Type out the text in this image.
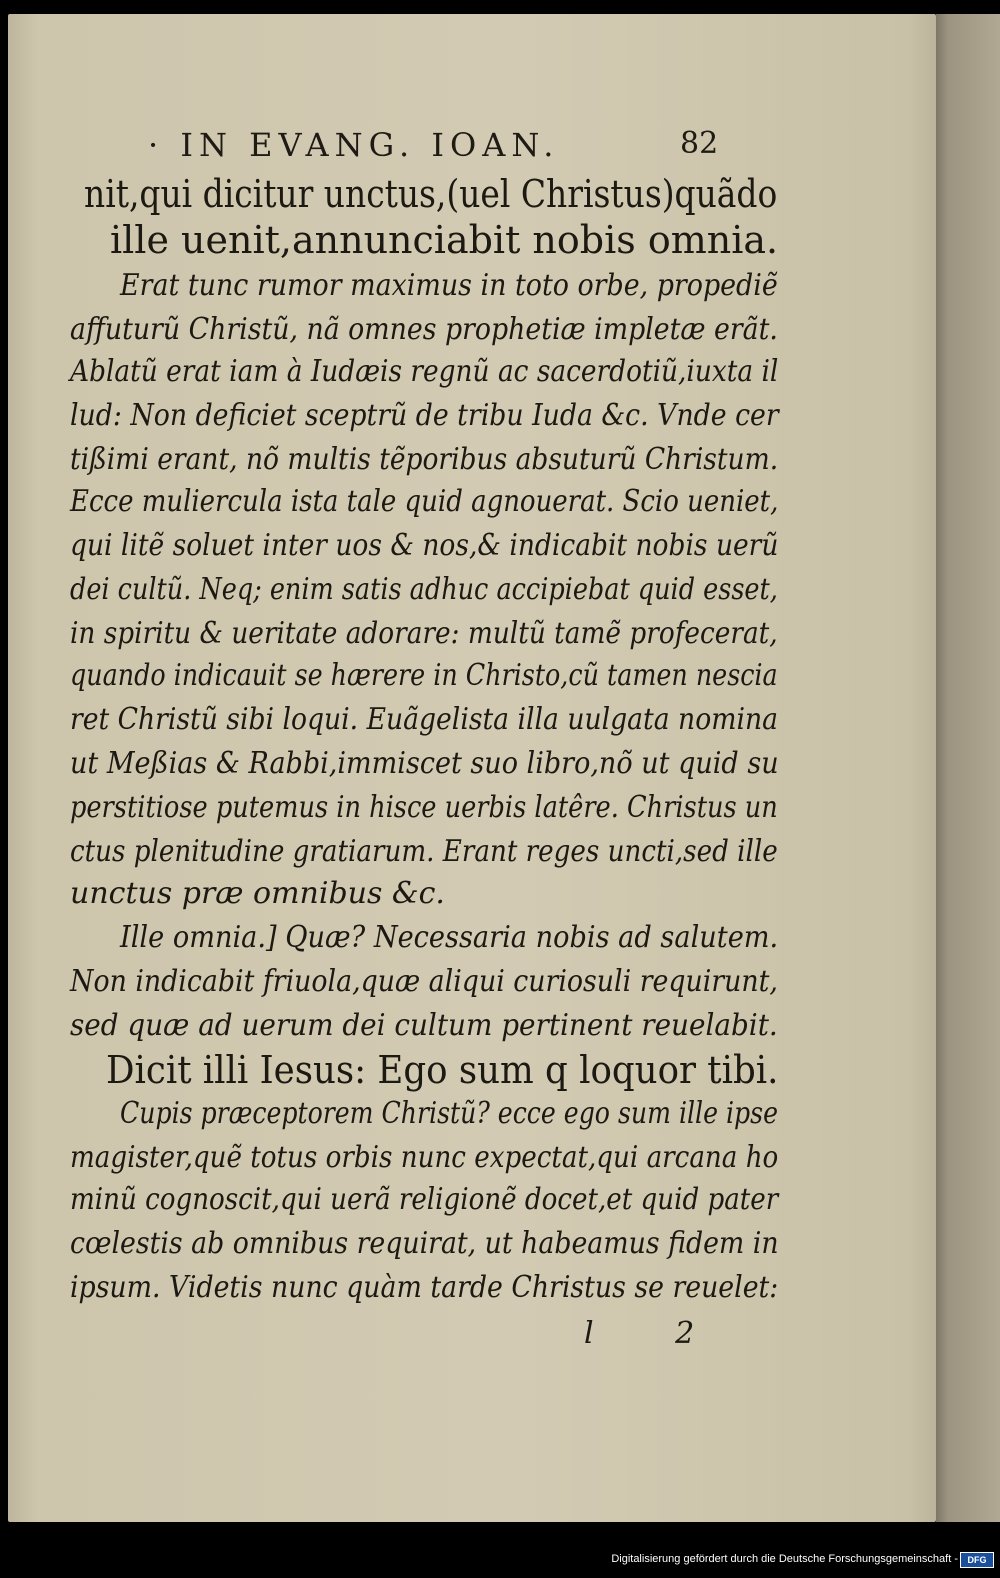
· IN EVANG. IOAN.	82
nit,qui dicitur unctus,(uel Christus)quãdo
ille uenit,annunciabit nobis omnia.
Erat tunc rumor maximus in toto orbe, propediẽ
affuturũ Christũ, nã omnes prophetiæ impletæ erãt.
Ablatũ erat iam à Iudæis regnũ ac sacerdotiũ,iuxta il
lud: Non deficiet sceptrũ de tribu Iuda &c. Vnde cer
tißimi erant, nõ multis tẽporibus absuturũ Christum.
Ecce muliercula ista tale quid agnouerat. Scio ueniet,
qui litẽ soluet inter uos & nos,& indicabit nobis uerũ
dei cultũ. Neq; enim satis adhuc accipiebat quid esset,
in spiritu & ueritate adorare: multũ tamẽ profecerat,
quando indicauit se hærere in Christo,cũ tamen nescia
ret Christũ sibi loqui. Euãgelista illa uulgata nomina
ut Meßias & Rabbi,immiscet suo libro,nõ ut quid su
perstitiose putemus in hisce uerbis latêre. Christus un
ctus plenitudine gratiarum. Erant reges uncti,sed ille
unctus præ omnibus &c.
Ille omnia.] Quæ? Necessaria nobis ad salutem.
Non indicabit friuola,quæ aliqui curiosuli requirunt,
sed quæ ad uerum dei cultum pertinent reuelabit.
Dicit illi Iesus: Ego sum q loquor tibi.
Cupis præceptorem Christũ? ecce ego sum ille ipse
magister,quẽ totus orbis nunc expectat,qui arcana ho
minũ cognoscit,qui uerã religionẽ docet,et quid pater
cœlestis ab omnibus requirat, ut habeamus fidem in
ipsum. Videtis nunc quàm tarde Christus se reuelet:
l 2
Digitalisierung gefördert durch die Deutsche Forschungsgemeinschaft -	DFG
